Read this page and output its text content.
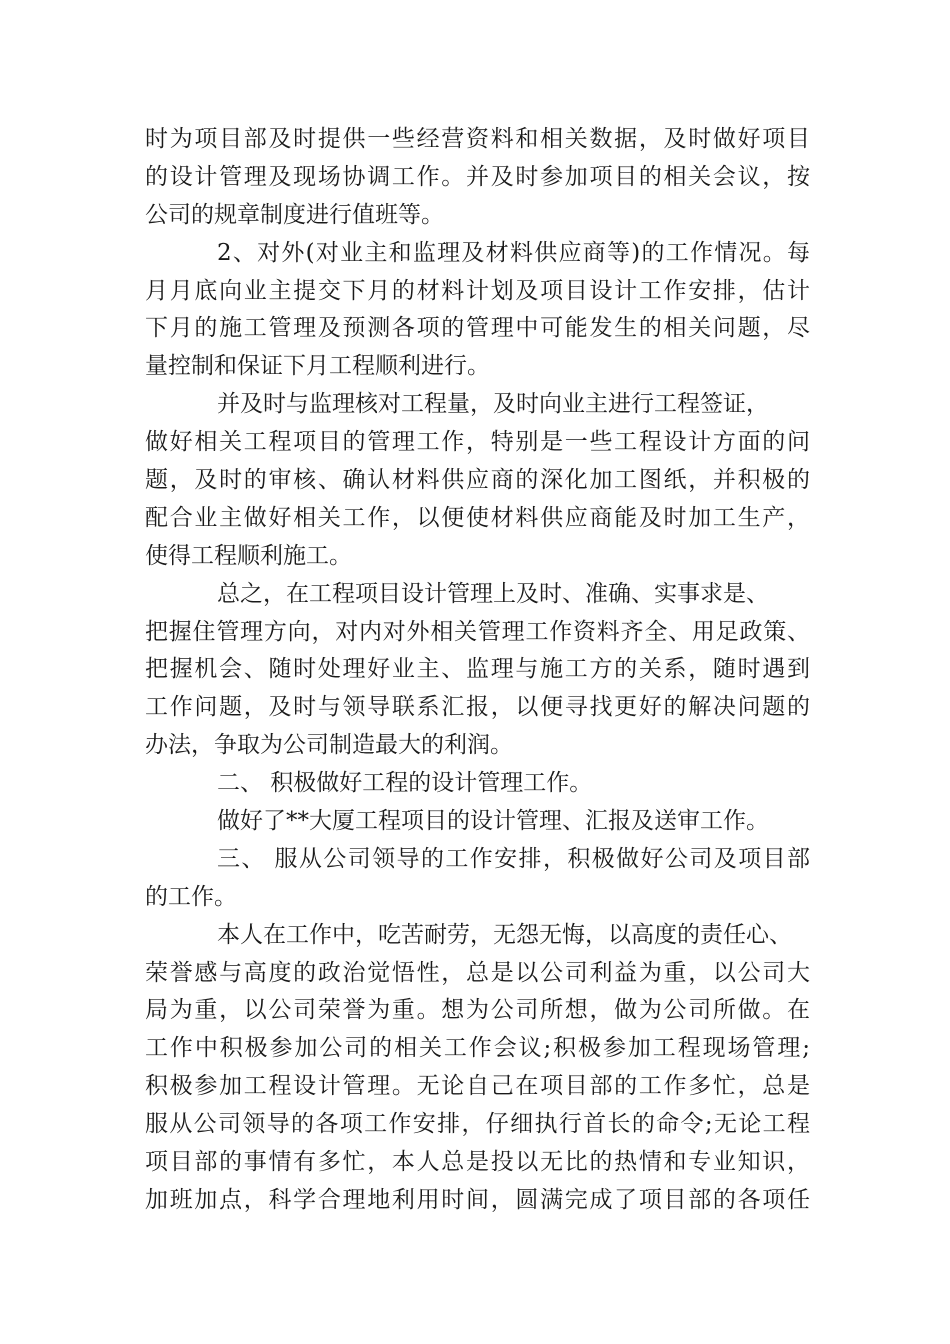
时为项目部及时提供一些经营资料和相关数据，及时做好项目
的设计管理及现场协调工作。并及时参加项目的相关会议，按
公司的规章制度进行值班等。
2、对外(对业主和监理及材料供应商等)的工作情况。每
月月底向业主提交下月的材料计划及项目设计工作安排，估计
下月的施工管理及预测各项的管理中可能发生的相关问题，尽
量控制和保证下月工程顺利进行。
并及时与监理核对工程量，及时向业主进行工程签证，
做好相关工程项目的管理工作，特别是一些工程设计方面的问
题，及时的审核、确认材料供应商的深化加工图纸，并积极的
配合业主做好相关工作，以便使材料供应商能及时加工生产，
使得工程顺利施工。
总之，在工程项目设计管理上及时、准确、实事求是、
把握住管理方向，对内对外相关管理工作资料齐全、用足政策、
把握机会、随时处理好业主、监理与施工方的关系，随时遇到
工作问题，及时与领导联系汇报，以便寻找更好的解决问题的
办法，争取为公司制造最大的利润。
二、 积极做好工程的设计管理工作。
做好了**大厦工程项目的设计管理、汇报及送审工作。
三、 服从公司领导的工作安排，积极做好公司及项目部
的工作。
本人在工作中，吃苦耐劳，无怨无悔，以高度的责任心、
荣誉感与高度的政治觉悟性，总是以公司利益为重，以公司大
局为重，以公司荣誉为重。想为公司所想，做为公司所做。在
工作中积极参加公司的相关工作会议;积极参加工程现场管理;
积极参加工程设计管理。无论自己在项目部的工作多忙，总是
服从公司领导的各项工作安排，仔细执行首长的命令;无论工程
项目部的事情有多忙，本人总是投以无比的热情和专业知识，
加班加点，科学合理地利用时间，圆满完成了项目部的各项任
